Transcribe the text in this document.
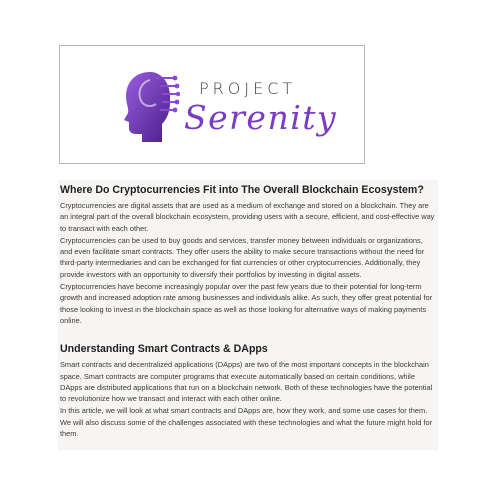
PROJECT
Serenity
Where Do Cryptocurrencies Fit into The Overall Blockchain Ecosystem?

Cryptocurrencies are digital assets that are used as a medium of exchange and stored on a blockchain. They are an integral part of the overall blockchain ecosystem, providing users with a secure, efficient, and cost-effective way to transact with each other.

Cryptocurrencies can be used to buy goods and services, transfer money between individuals or organizations, and even facilitate smart contracts. They offer users the ability to make secure transactions without the need for third-party intermediaries and can be exchanged for fiat currencies or other cryptocurrencies. Additionally, they provide investors with an opportunity to diversify their portfolios by investing in digital assets.

Cryptocurrencies have become increasingly popular over the past few years due to their potential for long-term growth and increased adoption rate among businesses and individuals alike. As such, they offer great potential for those looking to invest in the blockchain space as well as those looking for alternative ways of making payments online.

Understanding Smart Contracts & DApps

Smart contracts and decentralized applications (DApps) are two of the most important concepts in the blockchain space. Smart contracts are computer programs that execute automatically based on certain conditions, while DApps are distributed applications that run on a blockchain network. Both of these technologies have the potential to revolutionize how we transact and interact with each other online.

In this article, we will look at what smart contracts and DApps are, how they work, and some use cases for them. We will also discuss some of the challenges associated with these technologies and what the future might hold for them.
